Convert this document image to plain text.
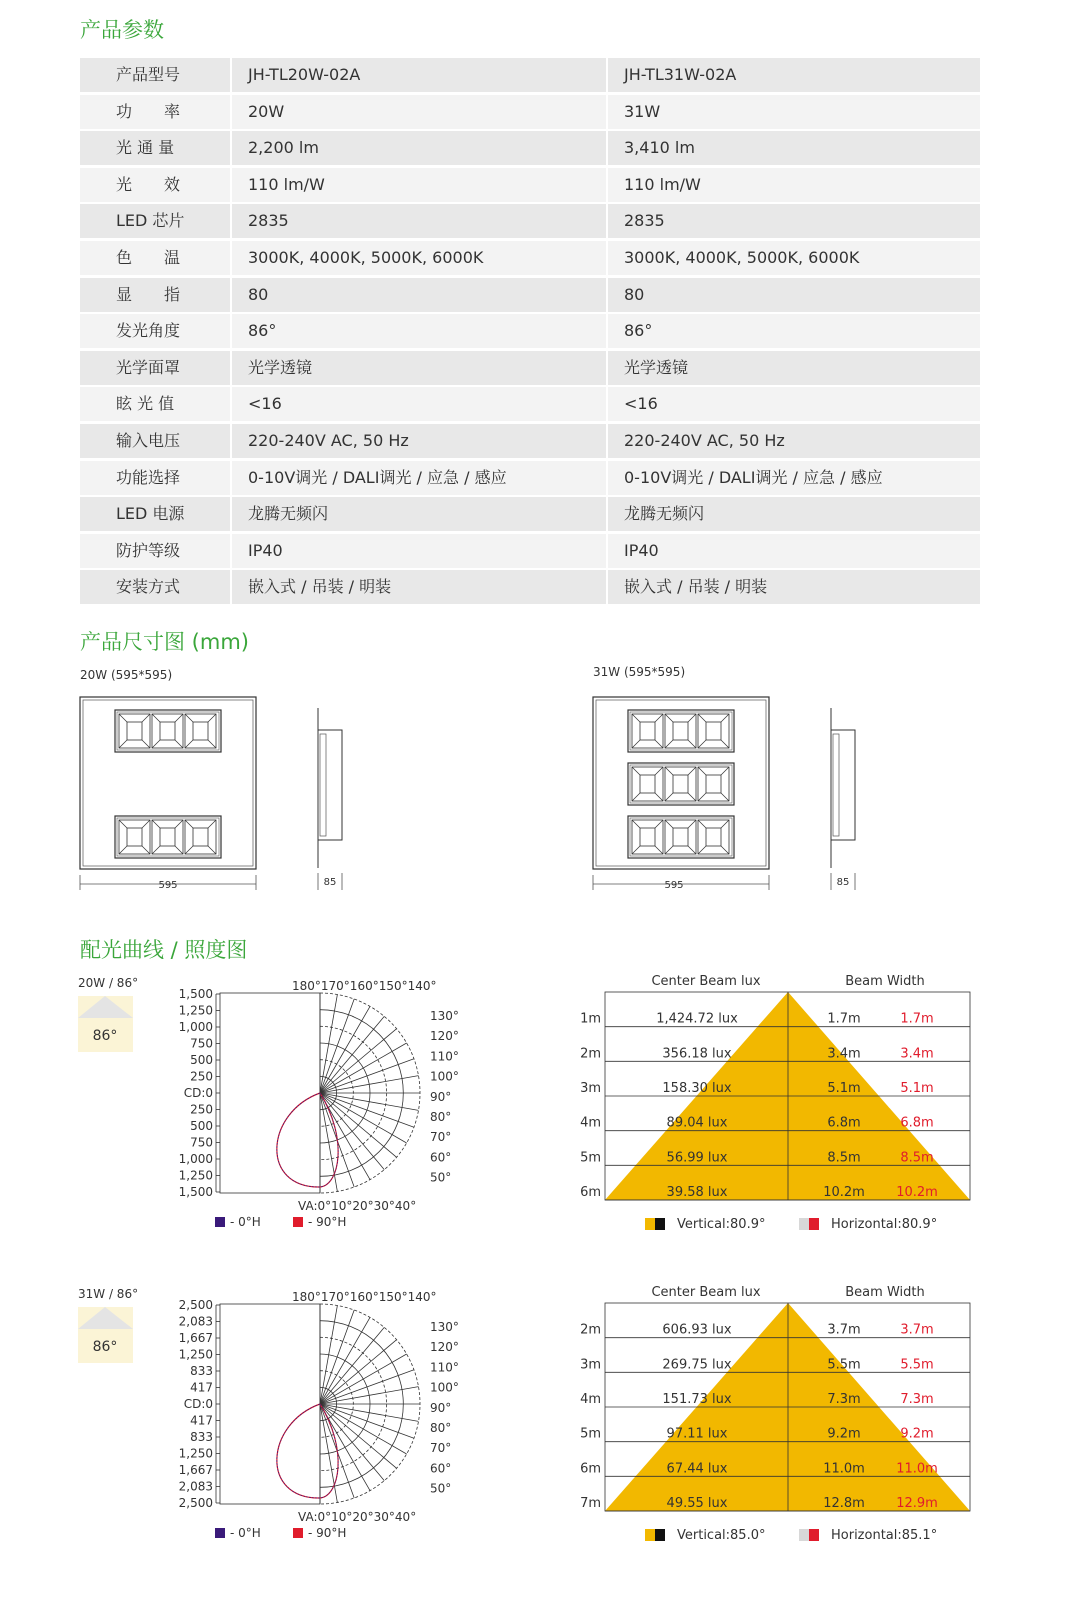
产品参数
产品尺寸图 (mm)
配光曲线 / 照度图
产品型号	JH-TL20W-02A	JH-TL31W-02A
功　　率	20W	31W
光 通 量	2,200 lm	3,410 lm
光　　效	110 lm/W	110 lm/W
LED 芯片	2835	2835
色　　温	3000K, 4000K, 5000K, 6000K	3000K, 4000K, 5000K, 6000K
显　　指	80	80
发光角度	86°	86°
光学面罩	光学透镜	光学透镜
眩 光 值	<16	<16
输入电压	220-240V AC, 50 Hz	220-240V AC, 50 Hz
功能选择	0-10V调光 / DALI调光 / 应急 / 感应	0-10V调光 / DALI调光 / 应急 / 感应
LED 电源	龙腾无频闪	龙腾无频闪
防护等级	IP40	IP40
安装方式	嵌入式 / 吊装 / 明装	嵌入式 / 吊装 / 明装
20W (595*595)	31W (595*595)
595	85	595	85
20W / 86°
86°
1,500
1,250
1,000
750
500
250
CD:0
250
500
750
1,000
1,250
1,500
180°170°160°150°140°
130°
120°
110°
100°
90°
80°
70°
60°
50°
VA:0°10°20°30°40°
- 0°H	- 90°H
31W / 86°
86°
2,500
2,083
1,667
1,250
833
417
CD:0
417
833
1,250
1,667
2,083
2,500
180°170°160°150°140°
130°
120°
110°
100°
90°
80°
70°
60°
50°
VA:0°10°20°30°40°
- 0°H	- 90°H
Center Beam lux	Beam Width
1m	1,424.72 lux	1.7m	1.7m
2m	356.18 lux	3.4m	3.4m
3m	158.30 lux	5.1m	5.1m
4m	89.04 lux	6.8m	6.8m
5m	56.99 lux	8.5m	8.5m
6m	39.58 lux	10.2m 10.2m
Vertical:80.9°	Horizontal:80.9°
Center Beam lux	Beam Width
2m	606.93 lux	3.7m	3.7m
3m	269.75 lux	5.5m	5.5m
4m	151.73 lux	7.3m	7.3m
5m	97.11 lux	9.2m	9.2m
6m	67.44 lux	11.0m 11.0m
7m	49.55 lux	12.8m 12.9m
Vertical:85.0°	Horizontal:85.1°
